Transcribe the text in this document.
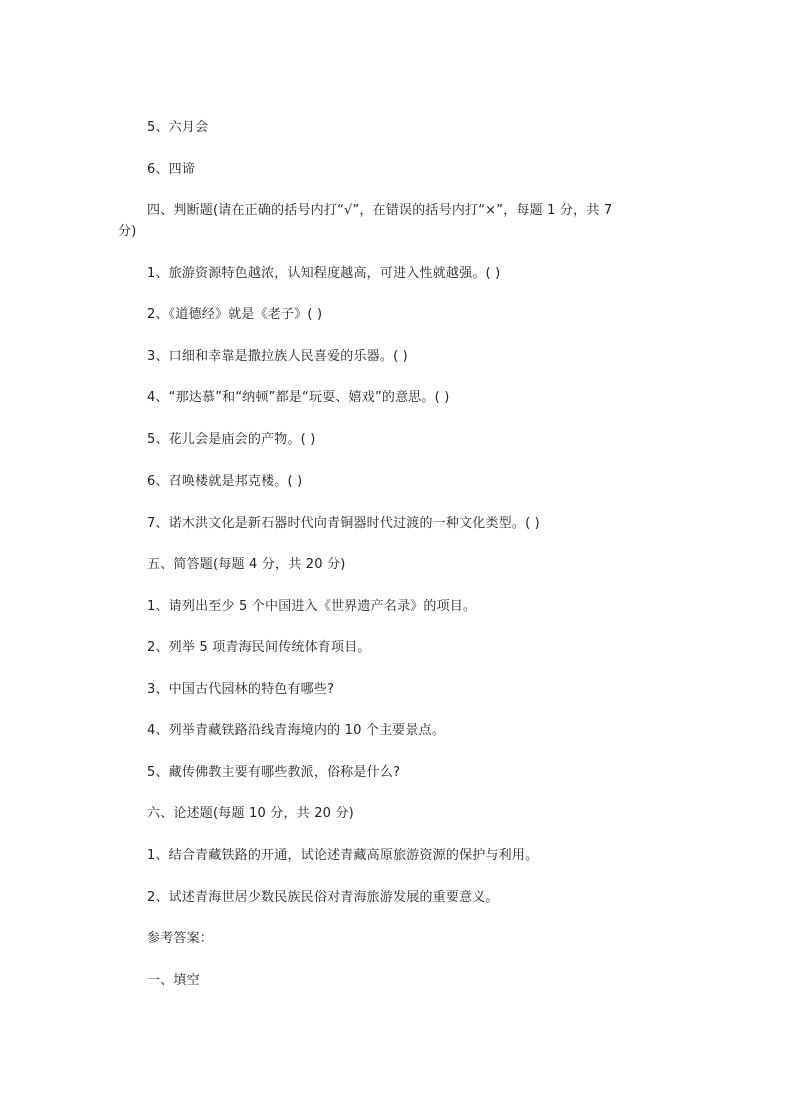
5、六月会
6、四谛
四、判断题(请在正确的括号内打“√”，在错误的括号内打“×”，每题 1 分，共 7
分)
1、旅游资源特色越浓，认知程度越高，可进入性就越强。( )
2、《道德经》就是《老子》( )
3、口细和幸靠是撒拉族人民喜爱的乐器。( )
4、“那达慕”和“纳顿”都是“玩耍、嬉戏”的意思。( )
5、花儿会是庙会的产物。( )
6、召唤楼就是邦克楼。( )
7、诺木洪文化是新石器时代向青铜器时代过渡的一种文化类型。( )
五、简答题(每题 4 分，共 20 分)
1、请列出至少 5 个中国进入《世界遗产名录》的项目。
2、列举 5 项青海民间传统体育项目。
3、中国古代园林的特色有哪些?
4、列举青藏铁路沿线青海境内的 10 个主要景点。
5、藏传佛教主要有哪些教派，俗称是什么?
六、论述题(每题 10 分，共 20 分)
1、结合青藏铁路的开通，试论述青藏高原旅游资源的保护与利用。
2、试述青海世居少数民族民俗对青海旅游发展的重要意义。
参考答案：
一、填空
